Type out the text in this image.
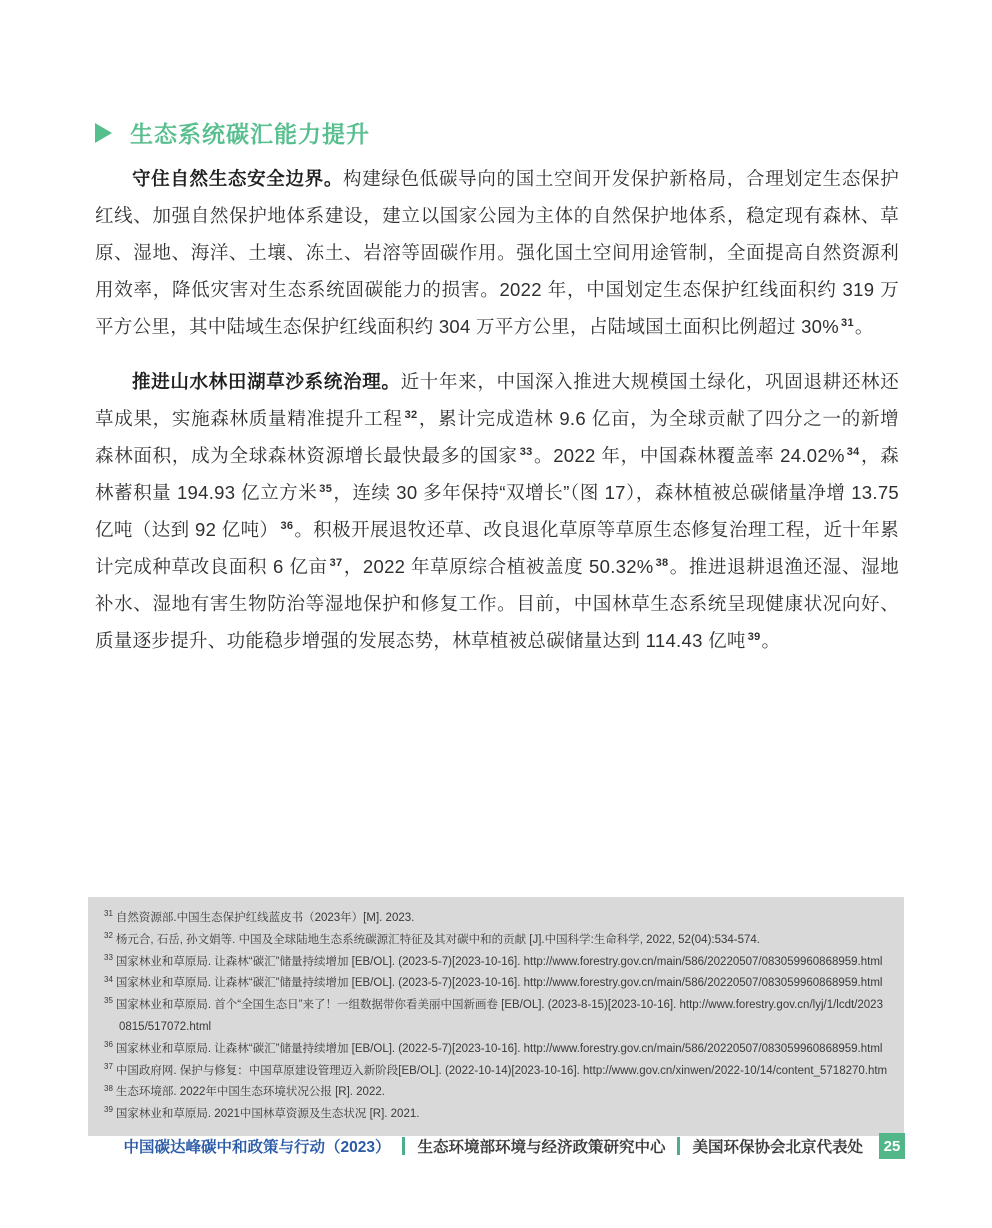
生态系统碳汇能力提升

守住自然生态安全边界。构建绿色低碳导向的国土空间开发保护新格局，合理划定生态保护红线、加强自然保护地体系建设，建立以国家公园为主体的自然保护地体系，稳定现有森林、草原、湿地、海洋、土壤、冻土、岩溶等固碳作用。强化国土空间用途管制，全面提高自然资源利用效率，降低灾害对生态系统固碳能力的损害。2022 年，中国划定生态保护红线面积约 319 万平方公里，其中陆域生态保护红线面积约 304 万平方公里，占陆域国土面积比例超过 30% $^{31}$。

推进山水林田湖草沙系统治理。近十年来，中国深入推进大规模国土绿化，巩固退耕还林还草成果，实施森林质量精准提升工程 $^{32}$，累计完成造林 9.6 亿亩，为全球贡献了四分之一的新增森林面积，成为全球森林资源增长最快最多的国家 $^{33}$。2022 年，中国森林覆盖率 24.02% $^{34}$，森林蓄积量 194.93 亿立方米 $^{35}$，连续 30 多年保持“双增长”（图 17），森林植被总碳储量净增 13.75 亿吨（达到 92 亿吨） $^{36}$。积极开展退牧还草、改良退化草原等草原生态修复治理工程，近十年累计完成种草改良面积 6 亿亩 $^{37}$，2022 年草原综合植被盖度 50.32% $^{38}$。推进退耕退渔还湿、湿地补水、湿地有害生物防治等湿地保护和修复工作。目前，中国林草生态系统呈现健康状况向好、质量逐步提升、功能稳步增强的发展态势，林草植被总碳储量达到 114.43 亿吨 $^{39}$。

$^{31}$ 自然资源部.中国生态保护红线蓝皮书（2023年）[M]. 2023.
$^{32}$ 杨元合, 石岳, 孙文娟等. 中国及全球陆地生态系统碳源汇特征及其对碳中和的贡献 [J].中国科学:生命科学, 2022, 52(04):534-574.
$^{33}$ 国家林业和草原局. 让森林“碳汇”储量持续增加 [EB/OL]. (2023-5-7)[2023-10-16]. http://www.forestry.gov.cn/main/586/20220507/083059960868959.html
$^{34}$ 国家林业和草原局. 让森林“碳汇”储量持续增加 [EB/OL]. (2023-5-7)[2023-10-16]. http://www.forestry.gov.cn/main/586/20220507/083059960868959.html
$^{35}$ 国家林业和草原局. 首个“全国生态日”来了！一组数据带你看美丽中国新画卷 [EB/OL]. (2023-8-15)[2023-10-16]. http://www.forestry.gov.cn/lyj/1/lcdt/20230815/517072.html
$^{36}$ 国家林业和草原局. 让森林“碳汇”储量持续增加 [EB/OL]. (2022-5-7)[2023-10-16]. http://www.forestry.gov.cn/main/586/20220507/083059960868959.html
$^{37}$ 中国政府网. 保护与修复：中国草原建设管理迈入新阶段[EB/OL]. (2022-10-14)[2023-10-16]. http://www.gov.cn/xinwen/2022-10/14/content_5718270.htm
$^{38}$ 生态环境部. 2022年中国生态环境状况公报 [R]. 2022.
$^{39}$ 国家林业和草原局. 2021中国林草资源及生态状况 [R]. 2021.
中国碳达峰碳中和政策与行动（2023） 生态环境部环境与经济政策研究中心 美国环保协会北京代表处	25
